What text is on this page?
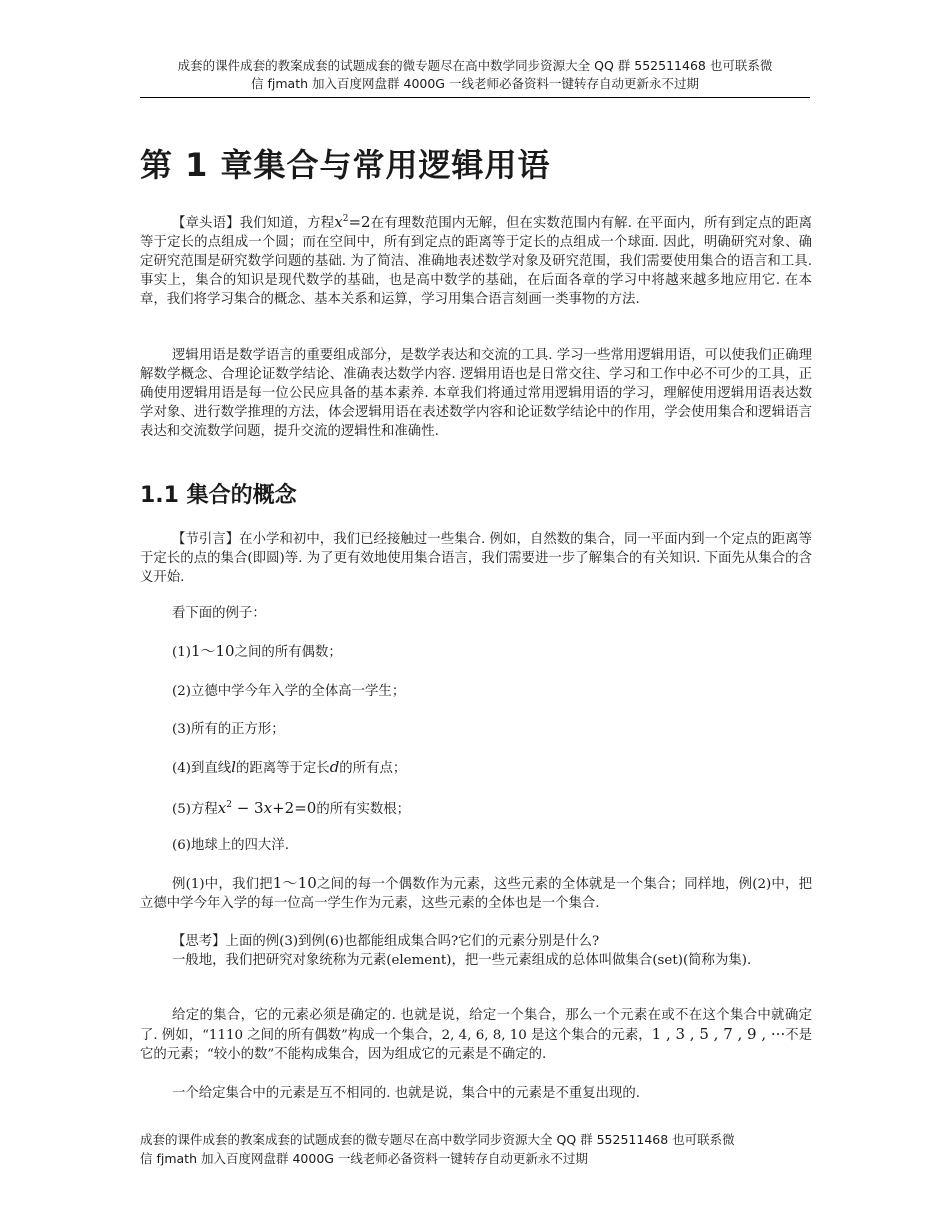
成套的课件成套的教案成套的试题成套的微专题尽在高中数学同步资源大全 QQ 群 552511468 也可联系微
信 fjmath 加入百度网盘群 4000G 一线老师必备资料一键转存自动更新永不过期
第 1 章集合与常用逻辑用语

【章头语】我们知道，方程$x^2=2$在有理数范围内无解，但在实数范围内有解. 在平面内，所有到定点的距离等于定长的点组成一个圆；而在空间中，所有到定点的距离等于定长的点组成一个球面. 因此，明确研究对象、确定研究范围是研究数学问题的基础. 为了简洁、准确地表述数学对象及研究范围，我们需要使用集合的语言和工具. 事实上，集合的知识是现代数学的基础，也是高中数学的基础，在后面各章的学习中将越来越多地应用它. 在本章，我们将学习集合的概念、基本关系和运算，学习用集合语言刻画一类事物的方法.

逻辑用语是数学语言的重要组成部分，是数学表达和交流的工具. 学习一些常用逻辑用语，可以使我们正确理解数学概念、合理论证数学结论、准确表达数学内容. 逻辑用语也是日常交往、学习和工作中必不可少的工具，正确使用逻辑用语是每一位公民应具备的基本素养. 本章我们将通过常用逻辑用语的学习，理解使用逻辑用语表达数学对象、进行数学推理的方法，体会逻辑用语在表述数学内容和论证数学结论中的作用，学会使用集合和逻辑语言表达和交流数学问题，提升交流的逻辑性和准确性.

1.1 集合的概念

【节引言】在小学和初中，我们已经接触过一些集合. 例如，自然数的集合，同一平面内到一个定点的距离等于定长的点的集合(即圆)等. 为了更有效地使用集合语言，我们需要进一步了解集合的有关知识. 下面先从集合的含义开始.

看下面的例子：

(1)1～10之间的所有偶数；

(2)立德中学今年入学的全体高一学生；

(3)所有的正方形；

(4)到直线l的距离等于定长d的所有点；

(5)方程$x^2 - 3x+2=0$的所有实数根；

(6)地球上的四大洋.

例(1)中，我们把1～10之间的每一个偶数作为元素，这些元素的全体就是一个集合；同样地，例(2)中，把立德中学今年入学的每一位高一学生作为元素，这些元素的全体也是一个集合.

【思考】上面的例(3)到例(6)也都能组成集合吗?它们的元素分别是什么?

一般地，我们把研究对象统称为元素(element)，把一些元素组成的总体叫做集合(set)(简称为集).

给定的集合，它的元素必须是确定的. 也就是说，给定一个集合，那么一个元素在或不在这个集合中就确定了. 例如，“1110 之间的所有偶数”构成一个集合，2, 4, 6, 8, 10 是这个集合的元素，1 , 3 , 5 , 7 , 9 , ···不是它的元素；“较小的数”不能构成集合，因为组成它的元素是不确定的.

一个给定集合中的元素是互不相同的. 也就是说，集合中的元素是不重复出现的.

成套的课件成套的教案成套的试题成套的微专题尽在高中数学同步资源大全 QQ 群 552511468 也可联系微
信 fjmath 加入百度网盘群 4000G 一线老师必备资料一键转存自动更新永不过期
